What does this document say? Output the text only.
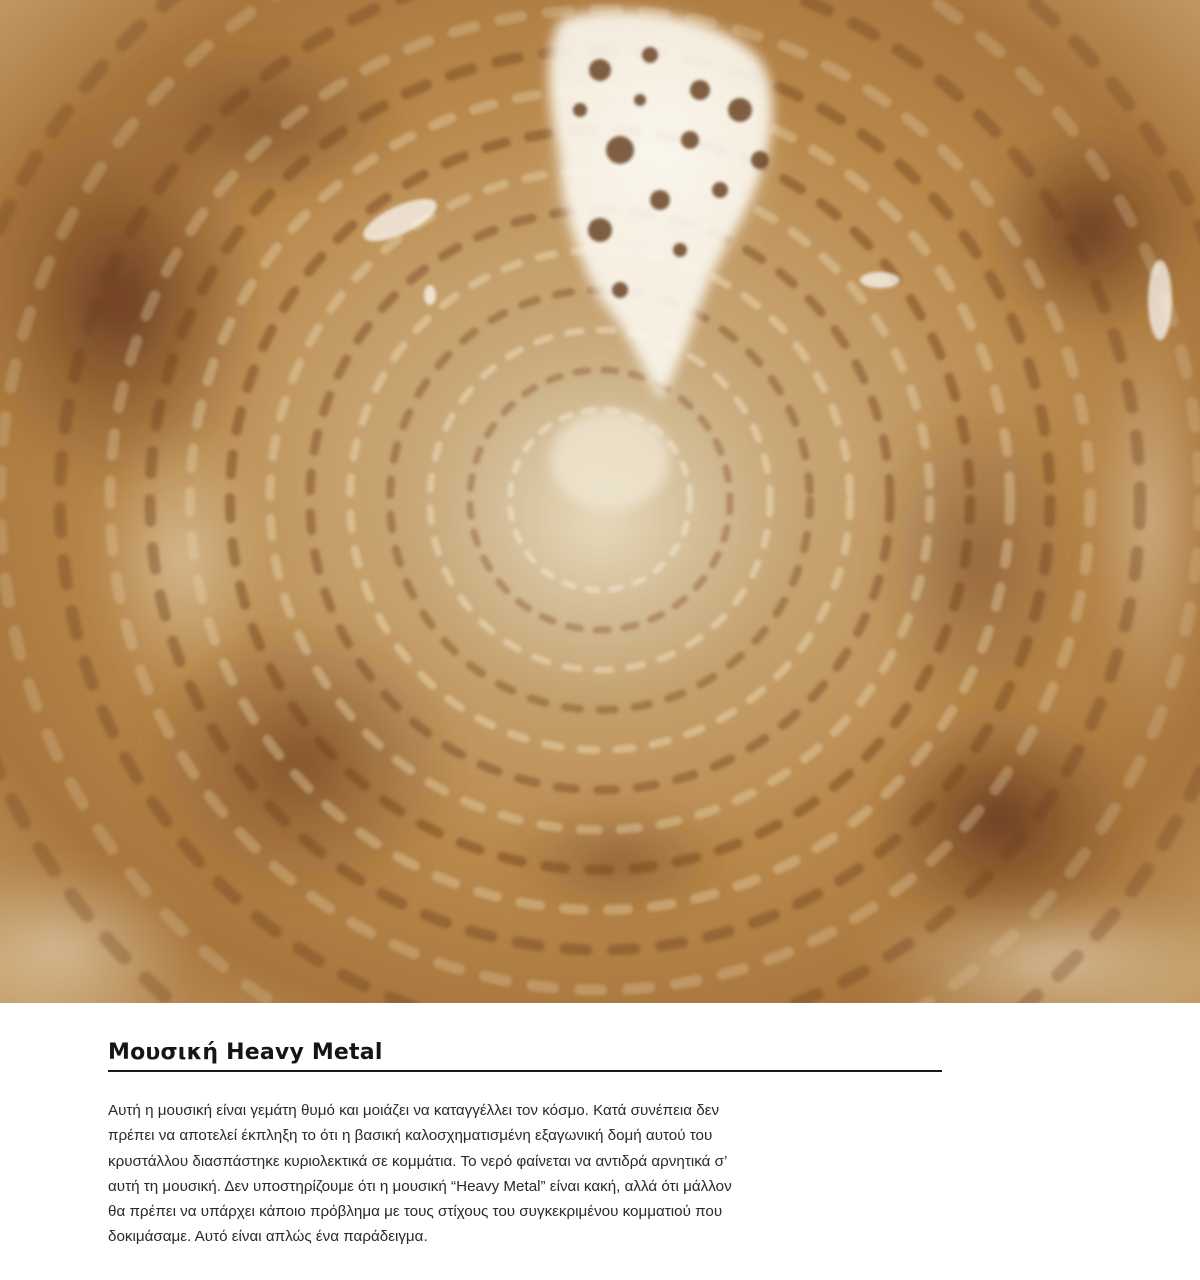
Μουσική Heavy Metal
Αυτή η μουσική είναι γεμάτη θυμό και μοιάζει να καταγγέλλει τον κόσμο. Κατά συνέπεια δεν
πρέπει να αποτελεί έκπληξη το ότι η βασική καλοσχηματισμένη εξαγωνική δομή αυτού του
κρυστάλλου διασπάστηκε κυριολεκτικά σε κομμάτια. Το νερό φαίνεται να αντιδρά αρνητικά σ’
αυτή τη μουσική. Δεν υποστηρίζουμε ότι η μουσική “Heavy Metal” είναι κακή, αλλά ότι μάλλον
θα πρέπει να υπάρχει κάποιο πρόβλημα με τους στίχους του συγκεκριμένου κομματιού που
δοκιμάσαμε. Αυτό είναι απλώς ένα παράδειγμα.
